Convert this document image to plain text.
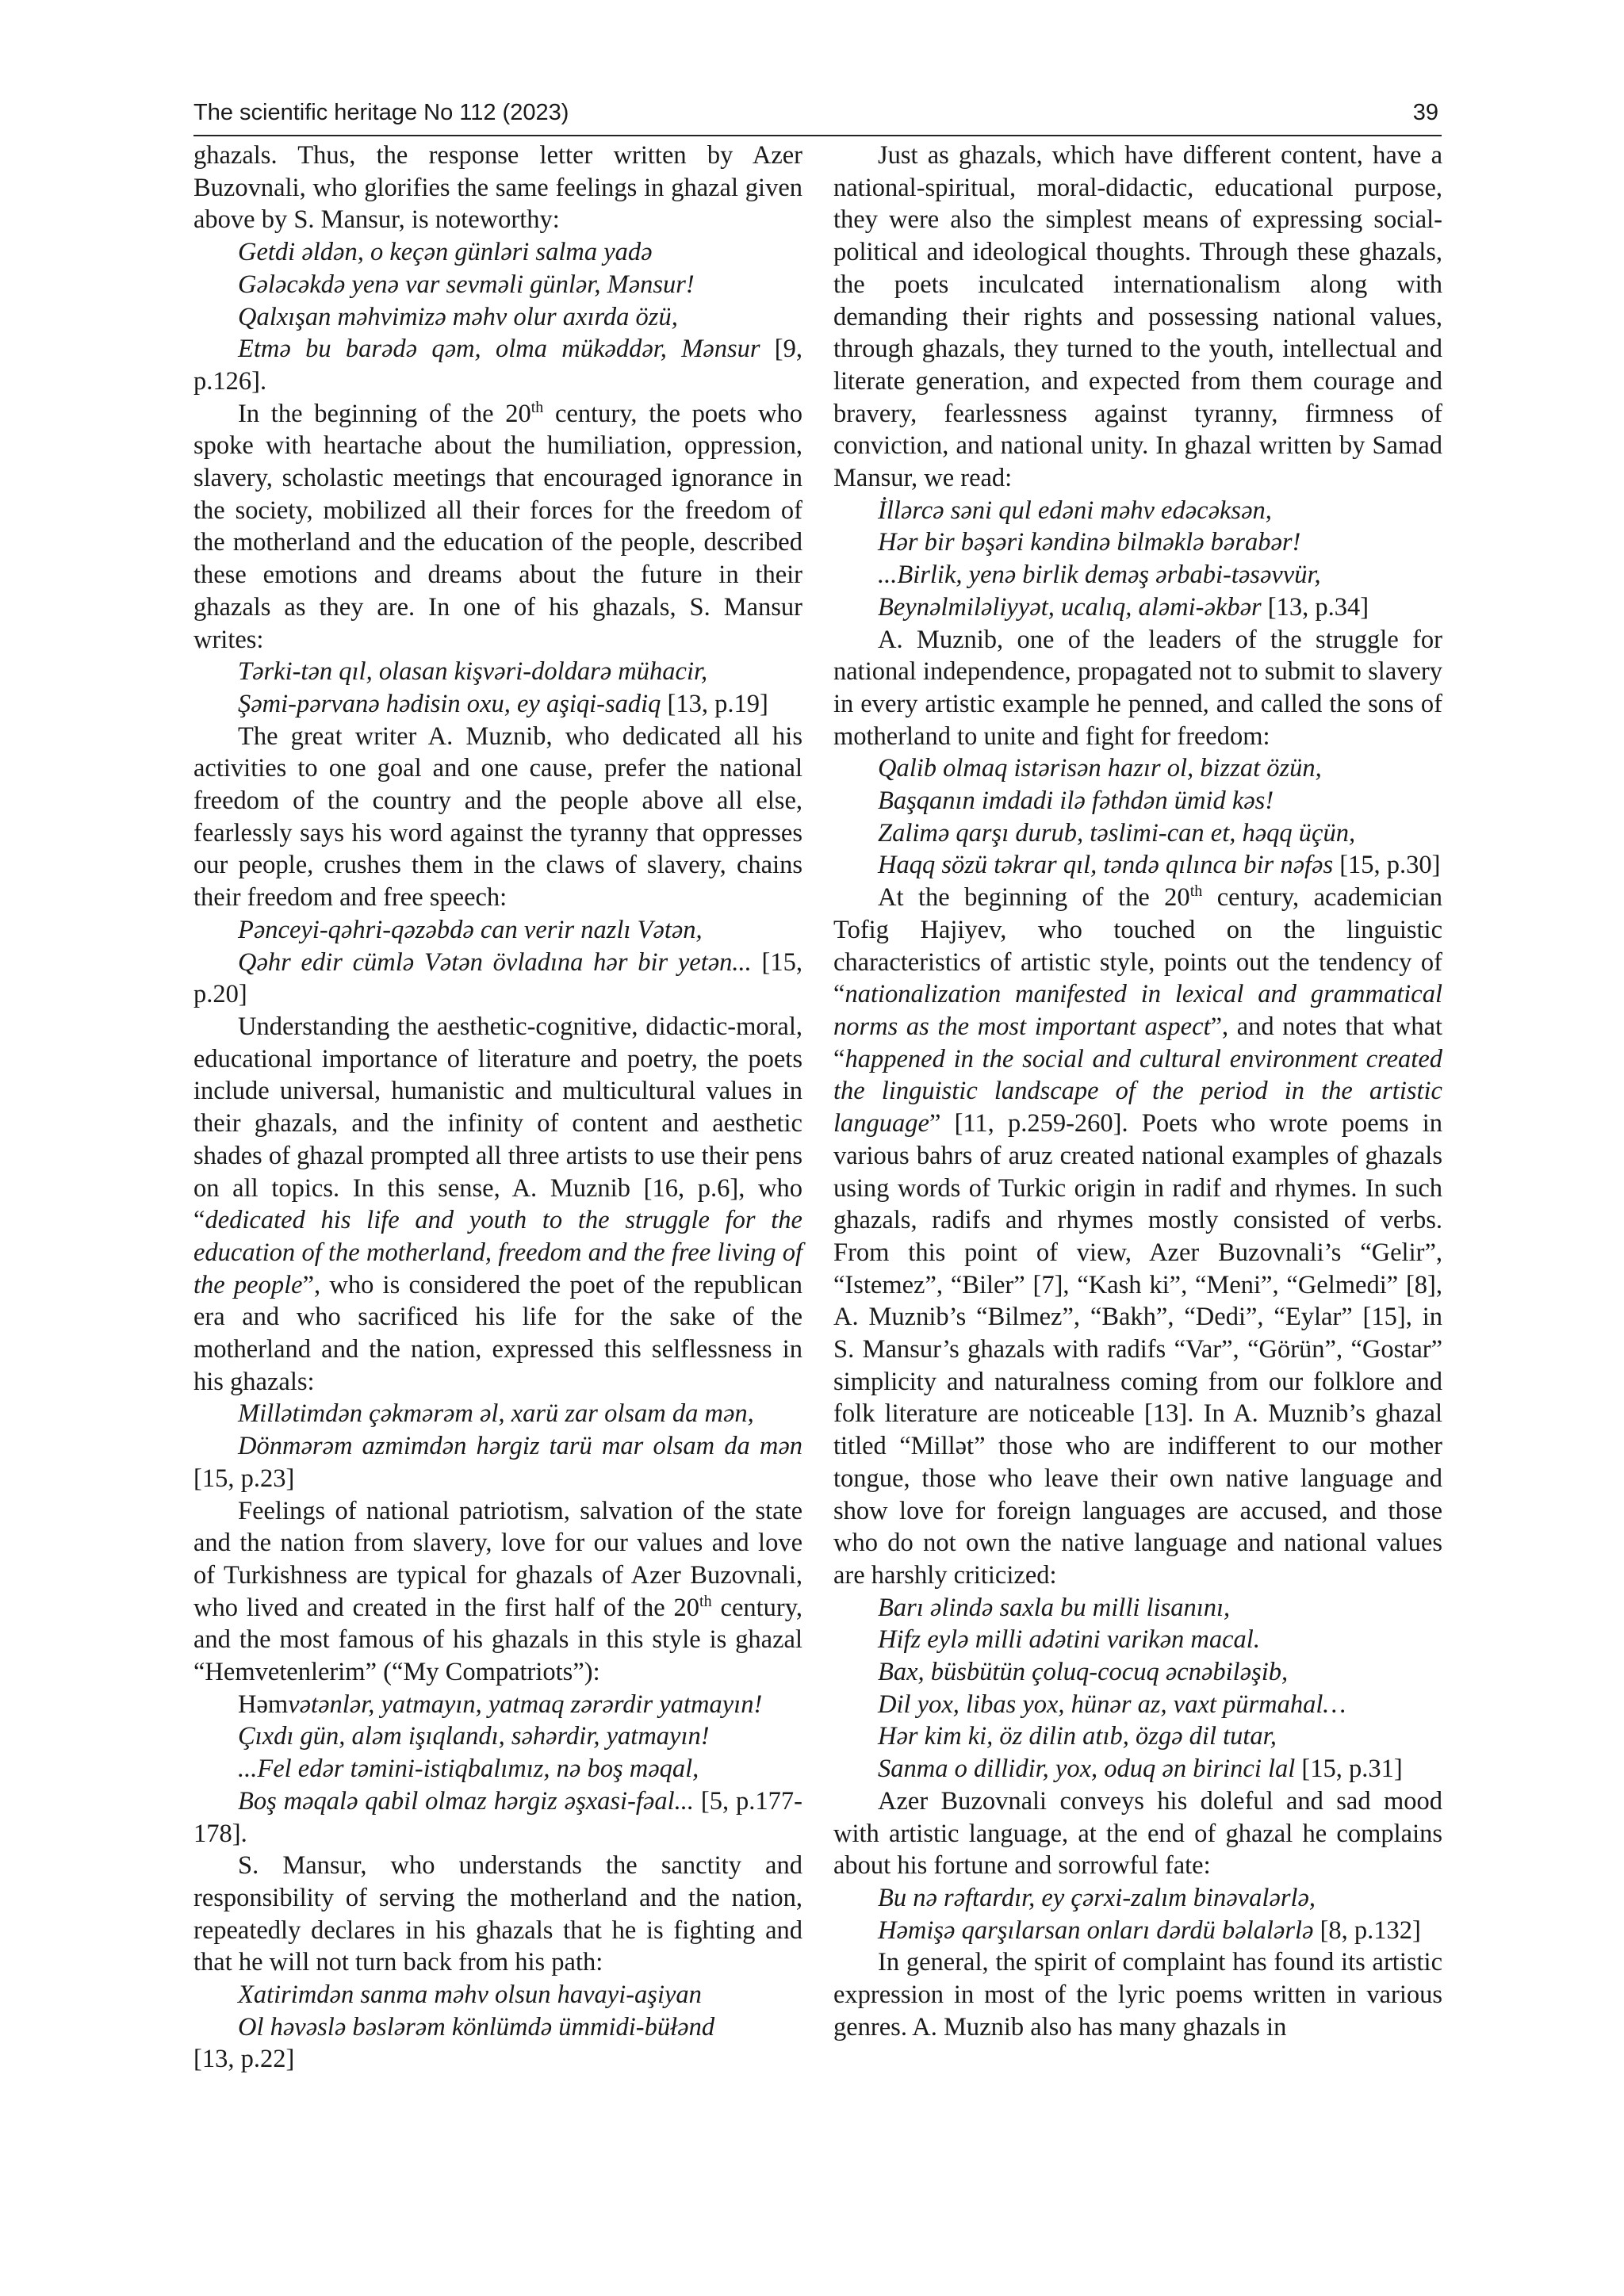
The scientific heritage No 112 (2023)	39

ghazals. Thus, the response letter written by Azer Buzovnali, who glorifies the same feelings in ghazal given above by S. Mansur, is noteworthy:

Getdi əldən, o keçən günləri salma yadə

Gələcəkdə yenə var sevməli günlər, Mənsur!

Qalxışan məhvimizə məhv olur axırda özü,

Etmə bu barədə qəm, olma mükəddər, Mənsur [9, p.126].

In the beginning of the 20th century, the poets who spoke with heartache about the humiliation, oppression, slavery, scholastic meetings that encouraged ignorance in the society, mobilized all their forces for the freedom of the motherland and the education of the people, described these emotions and dreams about the future in their ghazals as they are. In one of his ghazals, S. Mansur writes:

Tərki-tən qıl, olasan kişvəri-doldarə mühacir,

Şəmi-pərvanə hədisin oxu, ey aşiqi-sadiq [13, p.19]

The great writer A. Muznib, who dedicated all his activities to one goal and one cause, prefer the national freedom of the country and the people above all else, fearlessly says his word against the tyranny that oppresses our people, crushes them in the claws of slavery, chains their freedom and free speech:

Pənceyi-qəhri-qəzəbdə can verir nazlı Vətən,

Qəhr edir cümlə Vətən övladına hər bir yetən... [15, p.20]

Understanding the aesthetic-cognitive, didactic-moral, educational importance of literature and poetry, the poets include universal, humanistic and multicultural values in their ghazals, and the infinity of content and aesthetic shades of ghazal prompted all three artists to use their pens on all topics. In this sense, A. Muznib [16, p.6], who “dedicated his life and youth to the struggle for the education of the motherland, freedom and the free living of the people”, who is considered the poet of the republican era and who sacrificed his life for the sake of the motherland and the nation, expressed this selflessness in his ghazals:

Millətimdən çəkmərəm əl, xarü zar olsam da mən,

Dönmərəm azmimdən hərgiz tarü mar olsam da mən [15, p.23]

Feelings of national patriotism, salvation of the state and the nation from slavery, love for our values and love of Turkishness are typical for ghazals of Azer Buzovnali, who lived and created in the first half of the 20th century, and the most famous of his ghazals in this style is ghazal “Hemvetenlerim” (“My Compatriots”):

Həmvətənlər, yatmayın, yatmaq zərərdir yatmayın!

Çıxdı gün, aləm işıqlandı, səhərdir, yatmayın!

...Fel edər təmini-istiqbalımız, nə boş məqal,

Boş məqalə qabil olmaz hərgiz əşxasi-fəal... [5, p.177-178].

S. Mansur, who understands the sanctity and responsibility of serving the motherland and the nation, repeatedly declares in his ghazals that he is fighting and that he will not turn back from his path:

Xatirimdən sanma məhv olsun havayi-aşiyan

Ol həvəslə bəslərəm könlümdə ümmidi-büłənd

[13, p.22]

Just as ghazals, which have different content, have a national-spiritual, moral-didactic, educational purpose, they were also the simplest means of expressing social-political and ideological thoughts. Through these ghazals, the poets inculcated internationalism along with demanding their rights and possessing national values, through ghazals, they turned to the youth, intellectual and literate generation, and expected from them courage and bravery, fearlessness against tyranny, firmness of conviction, and national unity. In ghazal written by Samad Mansur, we read:

İllərcə səni qul edəni məhv edəcəksən,

Hər bir bəşəri kəndinə bilməklə bərabər!

...Birlik, yenə birlik deməş ərbabi-təsəvvür,

Beynəlmiləliyyət, ucalıq, aləmi-əkbər [13, p.34]

A. Muznib, one of the leaders of the struggle for national independence, propagated not to submit to slavery in every artistic example he penned, and called the sons of motherland to unite and fight for freedom:

Qalib olmaq istərisən hazır ol, bizzat özün,

Başqanın imdadi ilə fəthdən ümid kəs!

Zalimə qarşı durub, təslimi-can et, həqq üçün,

Haqq sözü təkrar qıl, təndə qılınca bir nəfəs [15, p.30]

At the beginning of the 20th century, academician Tofig Hajiyev, who touched on the linguistic characteristics of artistic style, points out the tendency of “nationalization manifested in lexical and grammatical norms as the most important aspect”, and notes that what “happened in the social and cultural environment created the linguistic landscape of the period in the artistic language” [11, p.259-260]. Poets who wrote poems in various bahrs of aruz created national examples of ghazals using words of Turkic origin in radif and rhymes. In such ghazals, radifs and rhymes mostly consisted of verbs. From this point of view, Azer Buzovnali’s “Gelir”, “Istemez”, “Biler” [7], “Kash ki”, “Meni”, “Gelmedi” [8], A. Muznib’s “Bilmez”, “Bakh”, “Dedi”, “Eylar” [15], in S. Mansur’s ghazals with radifs “Var”, “Görün”, “Gostar” simplicity and naturalness coming from our folklore and folk literature are noticeable [13]. In A. Muznib’s ghazal titled “Millət” those who are indifferent to our mother tongue, those who leave their own native language and show love for foreign languages are accused, and those who do not own the native language and national values are harshly criticized:

Barı əlində saxla bu milli lisanını,

Hifz eylə milli adətini varikən macal.

Bax, büsbütün çoluq-cocuq əcnəbiləşib,

Dil yox, libas yox, hünər az, vaxt pürmahal…

Hər kim ki, öz dilin atıb, özgə dil tutar,

Sanma o dillidir, yox, oduq ən birinci lal [15, p.31]

Azer Buzovnali conveys his doleful and sad mood with artistic language, at the end of ghazal he complains about his fortune and sorrowful fate:

Bu nə rəftardır, ey çərxi-zalım binəvalərlə,

Həmişə qarşılarsan onları dərdü bəlalərlə [8, p.132]

In general, the spirit of complaint has found its artistic expression in most of the lyric poems written in various genres. A. Muznib also has many ghazals in
